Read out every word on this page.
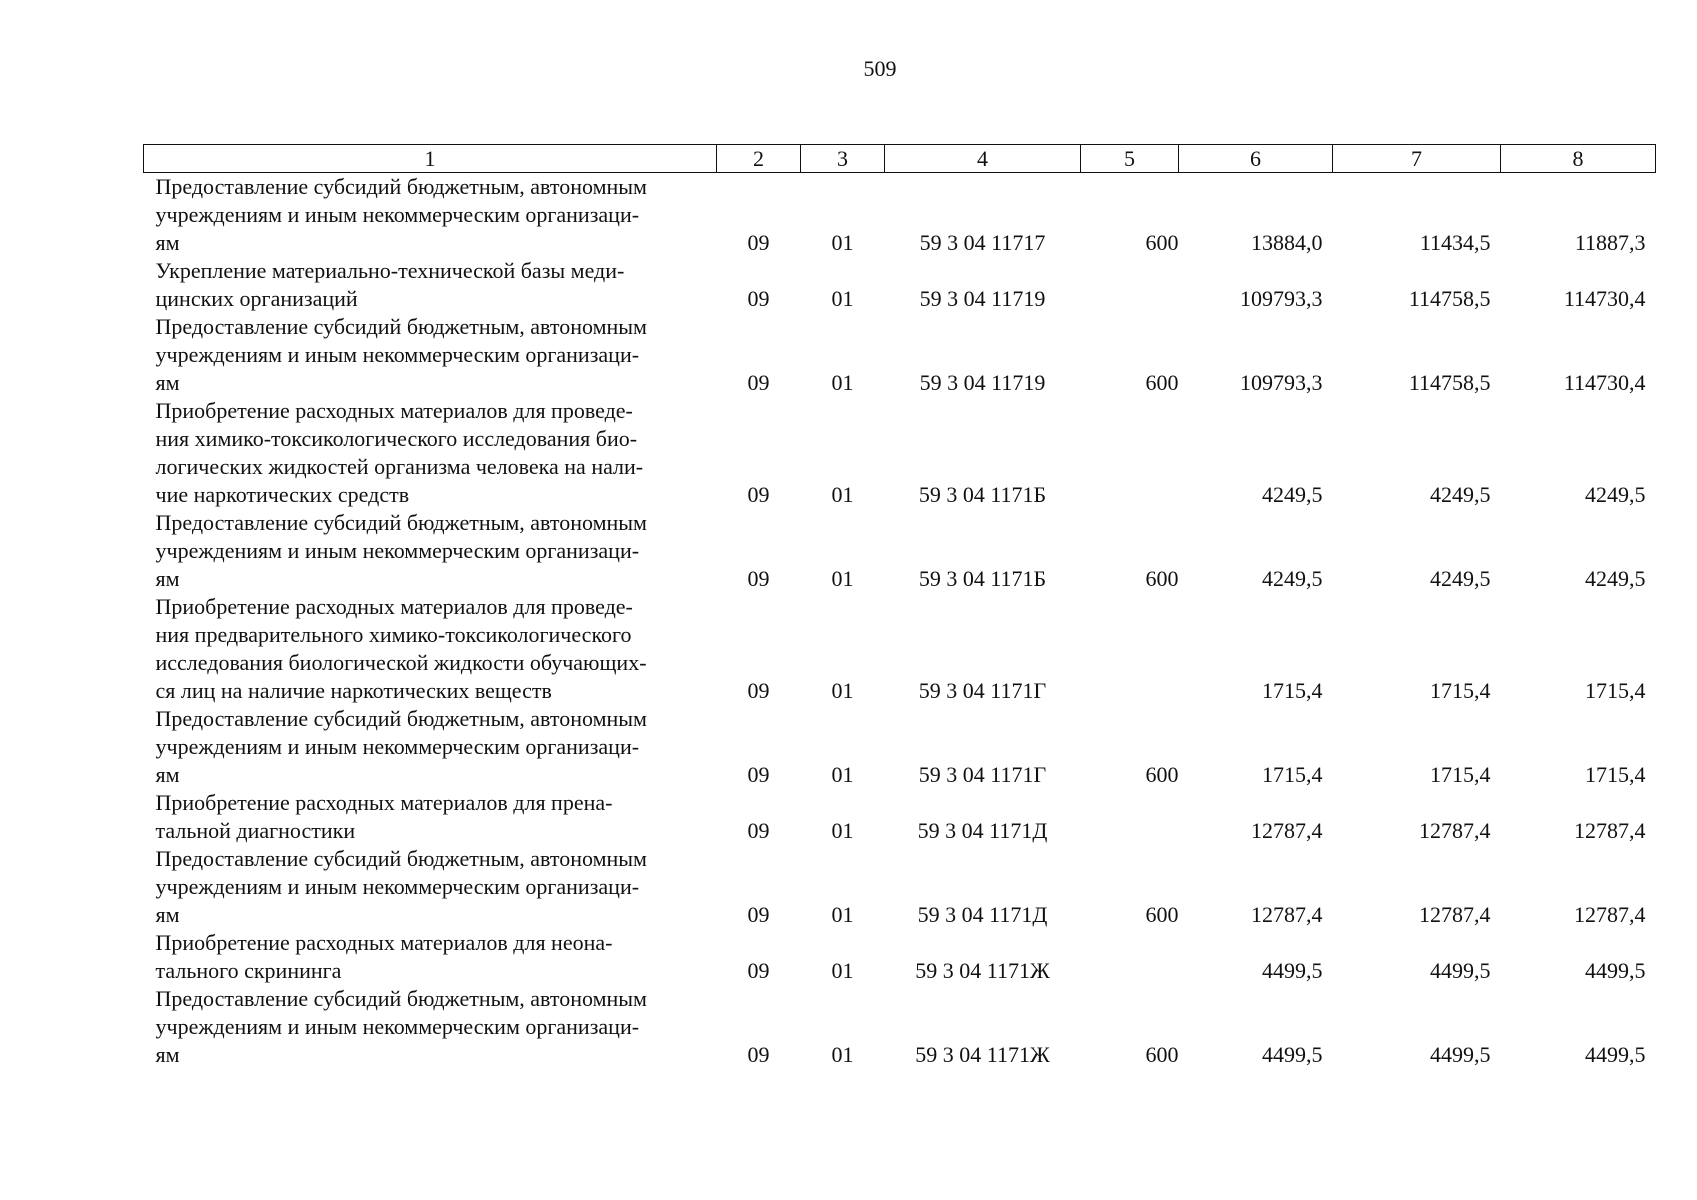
509
1	2	3	4	5	6	7	8

Предоставление субсидий бюджетным, автономным
учреждениям и иным некоммерческим организаци-
ям	09	01	59 3 04 11717	600	13884,0	11434,5	11887,3

Укрепление материально-технической базы меди-
цинских организаций	09	01	59 3 04 11719		109793,3	114758,5	114730,4

Предоставление субсидий бюджетным, автономным
учреждениям и иным некоммерческим организаци-
ям	09	01	59 3 04 11719	600	109793,3	114758,5	114730,4

Приобретение расходных материалов для проведе-
ния химико-токсикологического исследования био-
логических жидкостей организма человека на нали-
чие наркотических средств	09	01	59 3 04 1171Б		4249,5	4249,5	4249,5

Предоставление субсидий бюджетным, автономным
учреждениям и иным некоммерческим организаци-
ям	09	01	59 3 04 1171Б	600	4249,5	4249,5	4249,5

Приобретение расходных материалов для проведе-
ния предварительного химико-токсикологического
исследования биологической жидкости обучающих-
ся лиц на наличие наркотических веществ	09	01	59 3 04 1171Г		1715,4	1715,4	1715,4

Предоставление субсидий бюджетным, автономным
учреждениям и иным некоммерческим организаци-
ям	09	01	59 3 04 1171Г	600	1715,4	1715,4	1715,4

Приобретение расходных материалов для прена-
тальной диагностики	09	01	59 3 04 1171Д		12787,4	12787,4	12787,4

Предоставление субсидий бюджетным, автономным
учреждениям и иным некоммерческим организаци-
ям	09	01	59 3 04 1171Д	600	12787,4	12787,4	12787,4

Приобретение расходных материалов для неона-
тального скрининга	09	01	59 3 04 1171Ж		4499,5	4499,5	4499,5

Предоставление субсидий бюджетным, автономным
учреждениям и иным некоммерческим организаци-
ям	09	01	59 3 04 1171Ж	600	4499,5	4499,5	4499,5
